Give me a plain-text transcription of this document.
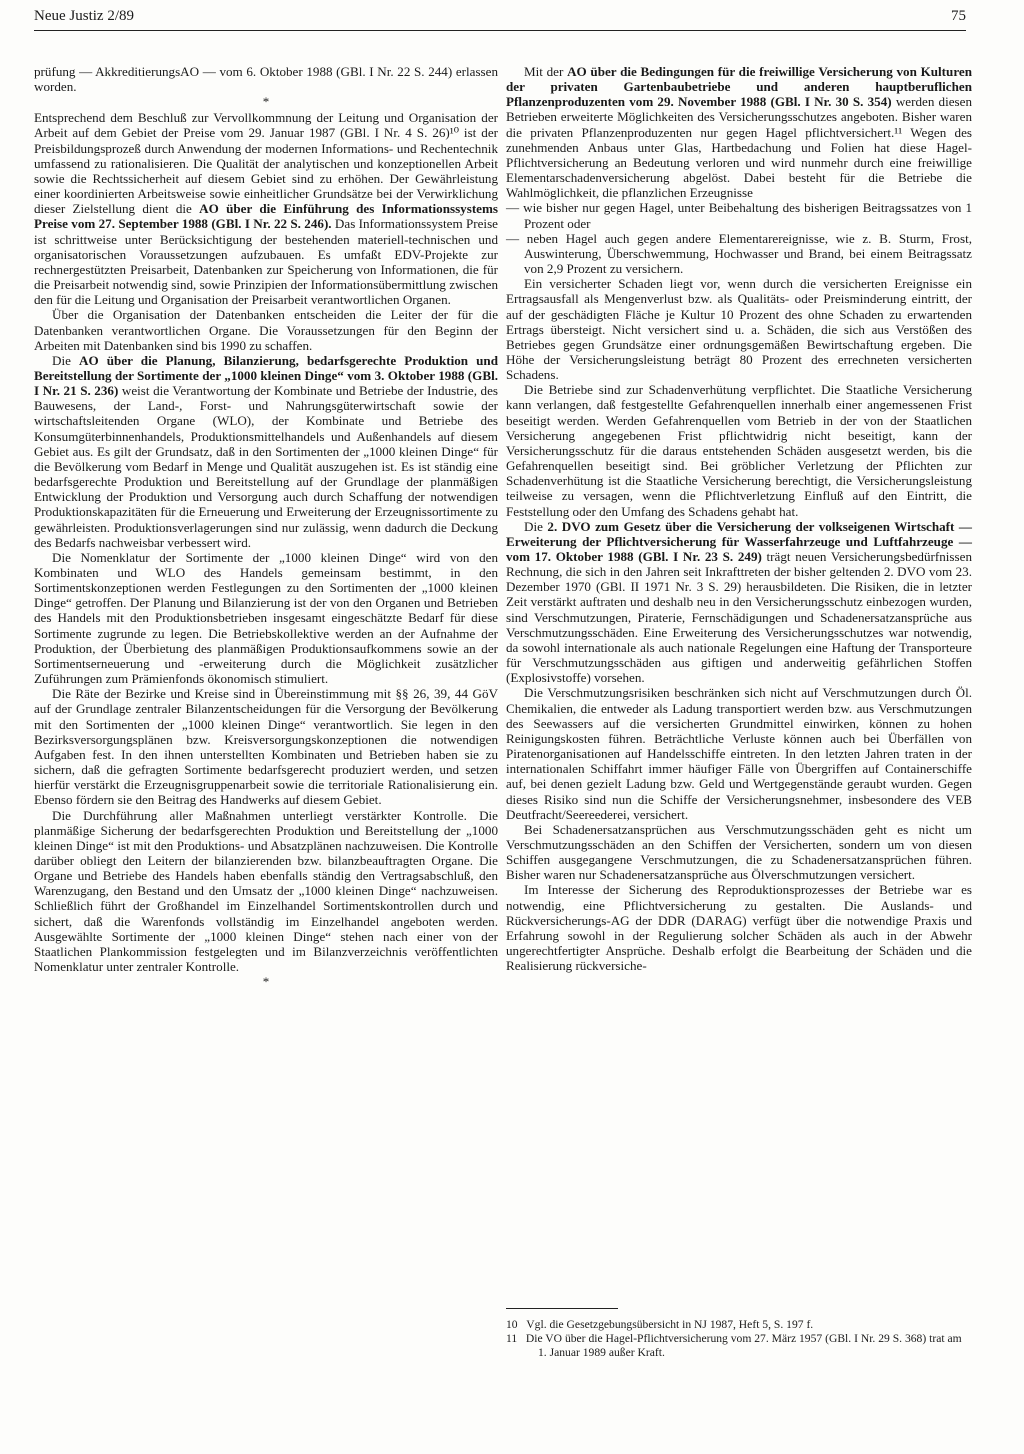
Neue Justiz 2/89	75

prüfung — AkkreditierungsAO — vom 6. Oktober 1988 (GBl. I Nr. 22 S. 244) erlassen worden.

*

Entsprechend dem Beschluß zur Vervollkommnung der Leitung und Organisation der Arbeit auf dem Gebiet der Preise vom 29. Januar 1987 (GBl. I Nr. 4 S. 26)¹⁰ ist der Preisbildungsprozeß durch Anwendung der modernen Informations- und Rechentechnik umfassend zu rationalisieren. Die Qualität der analytischen und konzeptionellen Arbeit sowie die Rechtssicherheit auf diesem Gebiet sind zu erhöhen. Der Gewährleistung einer koordinierten Arbeitsweise sowie einheitlicher Grundsätze bei der Verwirklichung dieser Zielstellung dient die AO über die Einführung des Informationssystems Preise vom 27. September 1988 (GBl. I Nr. 22 S. 246). Das Informationssystem Preise ist schrittweise unter Berücksichtigung der bestehenden materiell-technischen und organisatorischen Voraussetzungen aufzubauen. Es umfaßt EDV-Projekte zur rechnergestützten Preisarbeit, Datenbanken zur Speicherung von Informationen, die für die Preisarbeit notwendig sind, sowie Prinzipien der Informationsübermittlung zwischen den für die Leitung und Organisation der Preisarbeit verantwortlichen Organen.

Über die Organisation der Datenbanken entscheiden die Leiter der für die Datenbanken verantwortlichen Organe. Die Voraussetzungen für den Beginn der Arbeiten mit Datenbanken sind bis 1990 zu schaffen.

Die AO über die Planung, Bilanzierung, bedarfsgerechte Produktion und Bereitstellung der Sortimente der „1000 kleinen Dinge“ vom 3. Oktober 1988 (GBl. I Nr. 21 S. 236) weist die Verantwortung der Kombinate und Betriebe der Industrie, des Bauwesens, der Land-, Forst- und Nahrungsgüterwirtschaft sowie der wirtschaftsleitenden Organe (WLO), der Kombinate und Betriebe des Konsumgüterbinnenhandels, Produktionsmittelhandels und Außenhandels auf diesem Gebiet aus. Es gilt der Grundsatz, daß in den Sortimenten der „1000 kleinen Dinge“ für die Bevölkerung vom Bedarf in Menge und Qualität auszugehen ist. Es ist ständig eine bedarfsgerechte Produktion und Bereitstellung auf der Grundlage der planmäßigen Entwicklung der Produktion und Versorgung auch durch Schaffung der notwendigen Produktionskapazitäten für die Erneuerung und Erweiterung der Erzeugnissortimente zu gewährleisten. Produktionsverlagerungen sind nur zulässig, wenn dadurch die Deckung des Bedarfs nachweisbar verbessert wird.

Die Nomenklatur der Sortimente der „1000 kleinen Dinge“ wird von den Kombinaten und WLO des Handels gemeinsam bestimmt, in den Sortimentskonzeptionen werden Festlegungen zu den Sortimenten der „1000 kleinen Dinge“ getroffen. Der Planung und Bilanzierung ist der von den Organen und Betrieben des Handels mit den Produktionsbetrieben insgesamt eingeschätzte Bedarf für diese Sortimente zugrunde zu legen. Die Betriebskollektive werden an der Aufnahme der Produktion, der Überbietung des planmäßigen Produktionsaufkommens sowie an der Sortimentserneuerung und -erweiterung durch die Möglichkeit zusätzlicher Zuführungen zum Prämienfonds ökonomisch stimuliert.

Die Räte der Bezirke und Kreise sind in Übereinstimmung mit §§ 26, 39, 44 GöV auf der Grundlage zentraler Bilanzentscheidungen für die Versorgung der Bevölkerung mit den Sortimenten der „1000 kleinen Dinge“ verantwortlich. Sie legen in den Bezirksversorgungsplänen bzw. Kreisversorgungskonzeptionen die notwendigen Aufgaben fest. In den ihnen unterstellten Kombinaten und Betrieben haben sie zu sichern, daß die gefragten Sortimente bedarfsgerecht produziert werden, und setzen hierfür verstärkt die Erzeugnisgruppenarbeit sowie die territoriale Rationalisierung ein. Ebenso fördern sie den Beitrag des Handwerks auf diesem Gebiet.

Die Durchführung aller Maßnahmen unterliegt verstärkter Kontrolle. Die planmäßige Sicherung der bedarfsgerechten Produktion und Bereitstellung der „1000 kleinen Dinge“ ist mit den Produktions- und Absatzplänen nachzuweisen. Die Kontrolle darüber obliegt den Leitern der bilanzierenden bzw. bilanzbeauftragten Organe. Die Organe und Betriebe des Handels haben ebenfalls ständig den Vertragsabschluß, den Warenzugang, den Bestand und den Umsatz der „1000 kleinen Dinge“ nachzuweisen. Schließlich führt der Großhandel im Einzelhandel Sortimentskontrollen durch und sichert, daß die Warenfonds vollständig im Einzelhandel angeboten werden. Ausgewählte Sortimente der „1000 kleinen Dinge“ stehen nach einer von der Staatlichen Plankommission festgelegten und im Bilanzverzeichnis veröffentlichten Nomenklatur unter zentraler Kontrolle.

*

Mit der AO über die Bedingungen für die freiwillige Versicherung von Kulturen der privaten Gartenbaubetriebe und anderen hauptberuflichen Pflanzenproduzenten vom 29. November 1988 (GBl. I Nr. 30 S. 354) werden diesen Betrieben erweiterte Möglichkeiten des Versicherungsschutzes angeboten. Bisher waren die privaten Pflanzenproduzenten nur gegen Hagel pflichtversichert.¹¹ Wegen des zunehmenden Anbaus unter Glas, Hartbedachung und Folien hat diese Hagel-Pflichtversicherung an Bedeutung verloren und wird nunmehr durch eine freiwillige Elementarschadenversicherung abgelöst. Dabei besteht für die Betriebe die Wahlmöglichkeit, die pflanzlichen Erzeugnisse

— wie bisher nur gegen Hagel, unter Beibehaltung des bisherigen Beitragssatzes von 1 Prozent oder

— neben Hagel auch gegen andere Elementarereignisse, wie z. B. Sturm, Frost, Auswinterung, Überschwemmung, Hochwasser und Brand, bei einem Beitragssatz von 2,9 Prozent zu versichern.

Ein versicherter Schaden liegt vor, wenn durch die versicherten Ereignisse ein Ertragsausfall als Mengenverlust bzw. als Qualitäts- oder Preisminderung eintritt, der auf der geschädigten Fläche je Kultur 10 Prozent des ohne Schaden zu erwartenden Ertrags übersteigt. Nicht versichert sind u. a. Schäden, die sich aus Verstößen des Betriebes gegen Grundsätze einer ordnungsgemäßen Bewirtschaftung ergeben. Die Höhe der Versicherungsleistung beträgt 80 Prozent des errechneten versicherten Schadens.

Die Betriebe sind zur Schadenverhütung verpflichtet. Die Staatliche Versicherung kann verlangen, daß festgestellte Gefahrenquellen innerhalb einer angemessenen Frist beseitigt werden. Werden Gefahrenquellen vom Betrieb in der von der Staatlichen Versicherung angegebenen Frist pflichtwidrig nicht beseitigt, kann der Versicherungsschutz für die daraus entstehenden Schäden ausgesetzt werden, bis die Gefahrenquellen beseitigt sind. Bei gröblicher Verletzung der Pflichten zur Schadenverhütung ist die Staatliche Versicherung berechtigt, die Versicherungsleistung teilweise zu versagen, wenn die Pflichtverletzung Einfluß auf den Eintritt, die Feststellung oder den Umfang des Schadens gehabt hat.

Die 2. DVO zum Gesetz über die Versicherung der volkseigenen Wirtschaft — Erweiterung der Pflichtversicherung für Wasserfahrzeuge und Luftfahrzeuge — vom 17. Oktober 1988 (GBl. I Nr. 23 S. 249) trägt neuen Versicherungsbedürfnissen Rechnung, die sich in den Jahren seit Inkrafttreten der bisher geltenden 2. DVO vom 23. Dezember 1970 (GBl. II 1971 Nr. 3 S. 29) herausbildeten. Die Risiken, die in letzter Zeit verstärkt auftraten und deshalb neu in den Versicherungsschutz einbezogen wurden, sind Verschmutzungen, Piraterie, Fernschädigungen und Schadenersatzansprüche aus Verschmutzungsschäden. Eine Erweiterung des Versicherungsschutzes war notwendig, da sowohl internationale als auch nationale Regelungen eine Haftung der Transporteure für Verschmutzungsschäden aus giftigen und anderweitig gefährlichen Stoffen (Explosivstoffe) vorsehen.

Die Verschmutzungsrisiken beschränken sich nicht auf Verschmutzungen durch Öl. Chemikalien, die entweder als Ladung transportiert werden bzw. aus Verschmutzungen des Seewassers auf die versicherten Grundmittel einwirken, können zu hohen Reinigungskosten führen. Beträchtliche Verluste können auch bei Überfällen von Piratenorganisationen auf Handelsschiffe eintreten. In den letzten Jahren traten in der internationalen Schiffahrt immer häufiger Fälle von Übergriffen auf Containerschiffe auf, bei denen gezielt Ladung bzw. Geld und Wertgegenstände geraubt wurden. Gegen dieses Risiko sind nun die Schiffe der Versicherungsnehmer, insbesondere des VEB Deutfracht/Seereederei, versichert.

Bei Schadenersatzansprüchen aus Verschmutzungsschäden geht es nicht um Verschmutzungsschäden an den Schiffen der Versicherten, sondern um von diesen Schiffen ausgegangene Verschmutzungen, die zu Schadenersatzansprüchen führen. Bisher waren nur Schadenersatzansprüche aus Ölverschmutzungen versichert.

Im Interesse der Sicherung des Reproduktionsprozesses der Betriebe war es notwendig, eine Pflichtversicherung zu gestalten. Die Auslands- und Rückversicherungs-AG der DDR (DARAG) verfügt über die notwendige Praxis und Erfahrung sowohl in der Regulierung solcher Schäden als auch in der Abwehr ungerechtfertigter Ansprüche. Deshalb erfolgt die Bearbeitung der Schäden und die Realisierung rückversiche-

10 Vgl. die Gesetzgebungsübersicht in NJ 1987, Heft 5, S. 197 f.

11 Die VO über die Hagel-Pflichtversicherung vom 27. März 1957 (GBl. I Nr. 29 S. 368) trat am 1. Januar 1989 außer Kraft.
